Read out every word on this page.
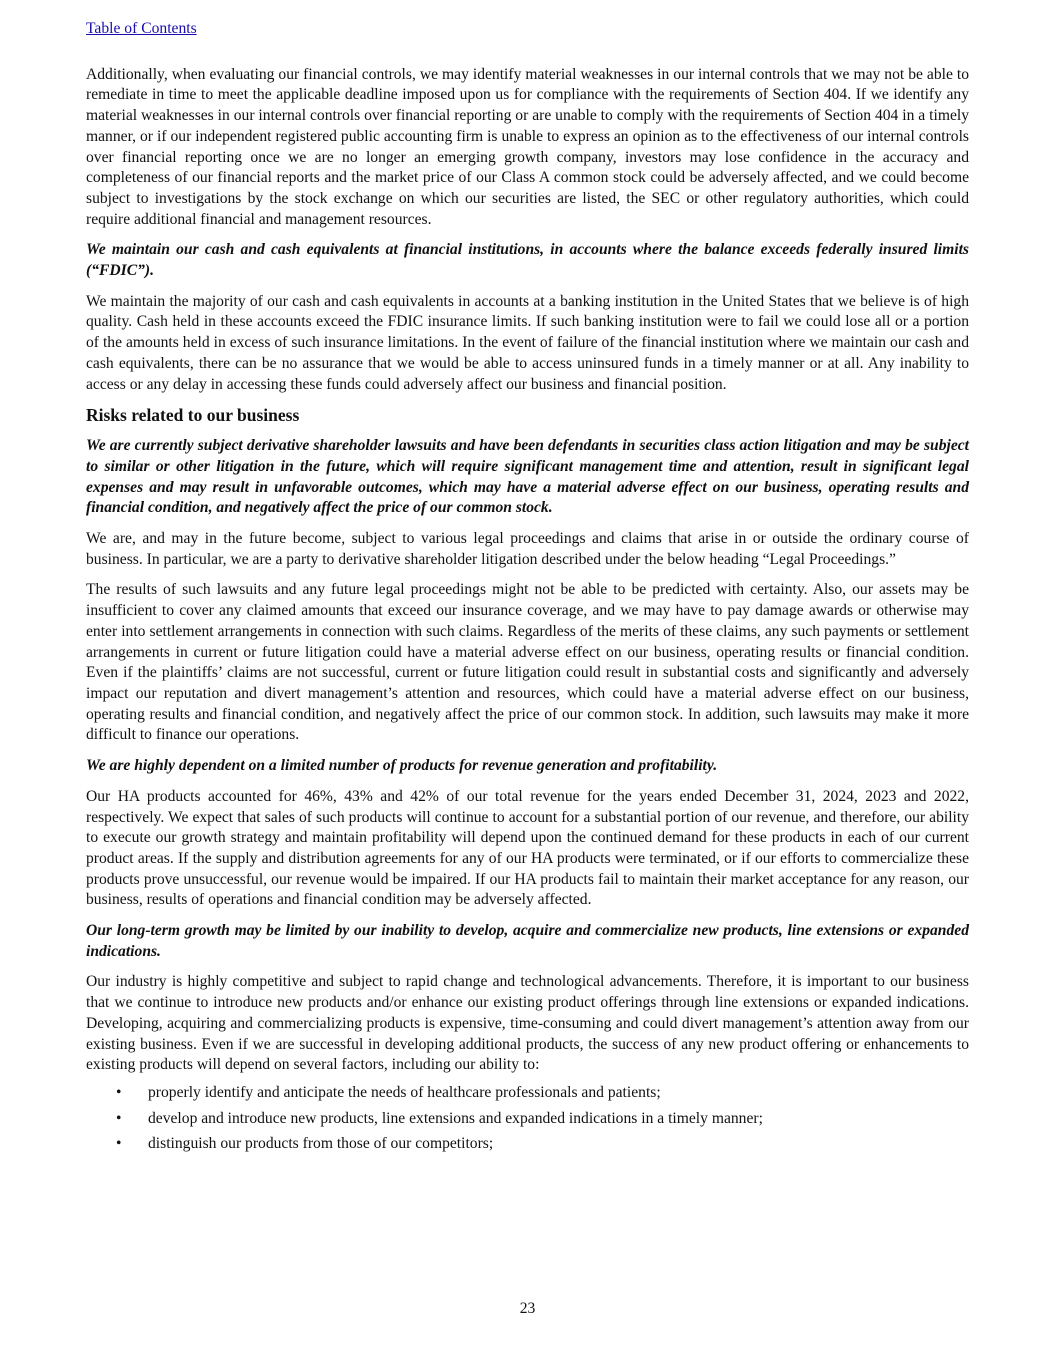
Table of Contents

Additionally, when evaluating our financial controls, we may identify material weaknesses in our internal controls that we may not be able to remediate in time to meet the applicable deadline imposed upon us for compliance with the requirements of Section 404. If we identify any material weaknesses in our internal controls over financial reporting or are unable to comply with the requirements of Section 404 in a timely manner, or if our independent registered public accounting firm is unable to express an opinion as to the effectiveness of our internal controls over financial reporting once we are no longer an emerging growth company, investors may lose confidence in the accuracy and completeness of our financial reports and the market price of our Class A common stock could be adversely affected, and we could become subject to investigations by the stock exchange on which our securities are listed, the SEC or other regulatory authorities, which could require additional financial and management resources.

We maintain our cash and cash equivalents at financial institutions, in accounts where the balance exceeds federally insured limits (“FDIC”).

We maintain the majority of our cash and cash equivalents in accounts at a banking institution in the United States that we believe is of high quality. Cash held in these accounts exceed the FDIC insurance limits. If such banking institution were to fail we could lose all or a portion of the amounts held in excess of such insurance limitations. In the event of failure of the financial institution where we maintain our cash and cash equivalents, there can be no assurance that we would be able to access uninsured funds in a timely manner or at all. Any inability to access or any delay in accessing these funds could adversely affect our business and financial position.

Risks related to our business

We are currently subject derivative shareholder lawsuits and have been defendants in securities class action litigation and may be subject to similar or other litigation in the future, which will require significant management time and attention, result in significant legal expenses and may result in unfavorable outcomes, which may have a material adverse effect on our business, operating results and financial condition, and negatively affect the price of our common stock.

We are, and may in the future become, subject to various legal proceedings and claims that arise in or outside the ordinary course of business. In particular, we are a party to derivative shareholder litigation described under the below heading “Legal Proceedings.”

The results of such lawsuits and any future legal proceedings might not be able to be predicted with certainty. Also, our assets may be insufficient to cover any claimed amounts that exceed our insurance coverage, and we may have to pay damage awards or otherwise may enter into settlement arrangements in connection with such claims. Regardless of the merits of these claims, any such payments or settlement arrangements in current or future litigation could have a material adverse effect on our business, operating results or financial condition. Even if the plaintiffs’ claims are not successful, current or future litigation could result in substantial costs and significantly and adversely impact our reputation and divert management’s attention and resources, which could have a material adverse effect on our business, operating results and financial condition, and negatively affect the price of our common stock. In addition, such lawsuits may make it more difficult to finance our operations.

We are highly dependent on a limited number of products for revenue generation and profitability.

Our HA products accounted for 46%, 43% and 42% of our total revenue for the years ended December 31, 2024, 2023 and 2022, respectively. We expect that sales of such products will continue to account for a substantial portion of our revenue, and therefore, our ability to execute our growth strategy and maintain profitability will depend upon the continued demand for these products in each of our current product areas. If the supply and distribution agreements for any of our HA products were terminated, or if our efforts to commercialize these products prove unsuccessful, our revenue would be impaired. If our HA products fail to maintain their market acceptance for any reason, our business, results of operations and financial condition may be adversely affected.

Our long-term growth may be limited by our inability to develop, acquire and commercialize new products, line extensions or expanded indications.

Our industry is highly competitive and subject to rapid change and technological advancements. Therefore, it is important to our business that we continue to introduce new products and/or enhance our existing product offerings through line extensions or expanded indications. Developing, acquiring and commercializing products is expensive, time-consuming and could divert management’s attention away from our existing business. Even if we are successful in developing additional products, the success of any new product offering or enhancements to existing products will depend on several factors, including our ability to:

• properly identify and anticipate the needs of healthcare professionals and patients;
• develop and introduce new products, line extensions and expanded indications in a timely manner;
• distinguish our products from those of our competitors;
23
